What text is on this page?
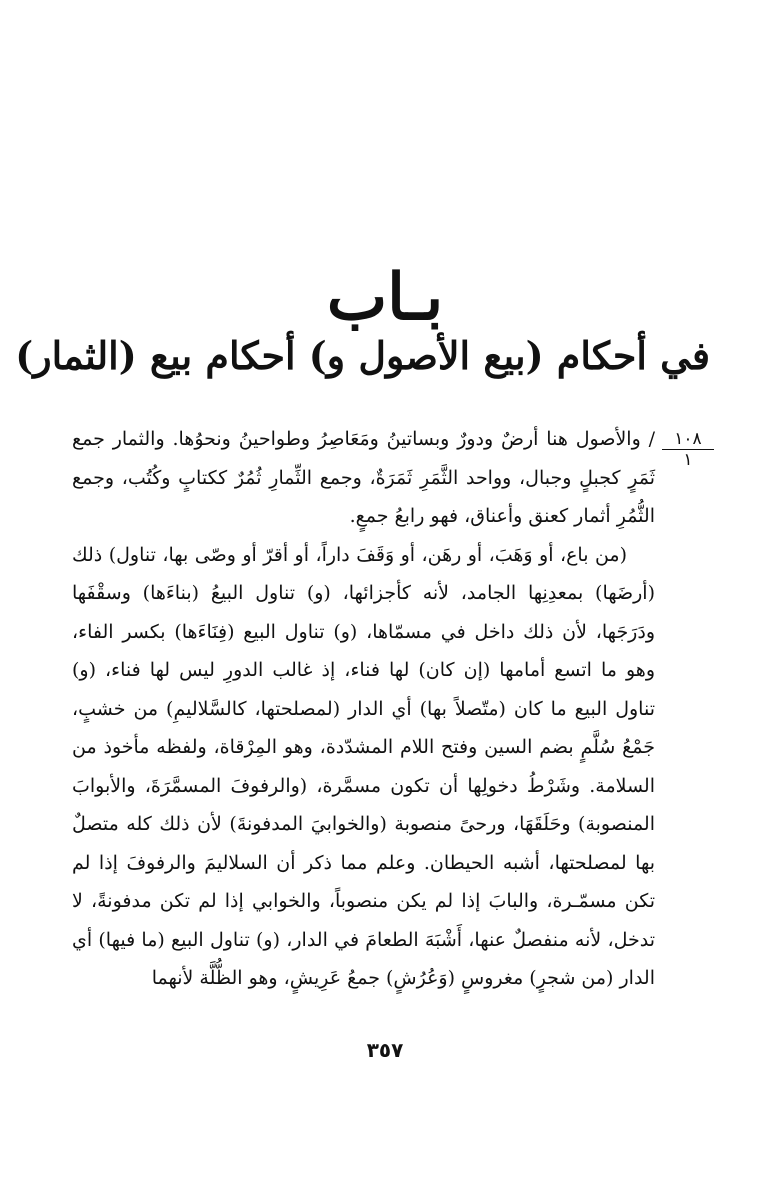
بـاب
في أحكام (بيع الأصول و) أحكام بيع (الثمار)
١٠٨
١

/ والأصول هنا أرضٌ ودورٌ وبساتينُ ومَعَاصِرُ وطواحينُ ونحوُها. والثمار جمع ثَمَرٍ كجبلٍ وجبال، وواحد الثَّمَرِ ثَمَرَةٌ، وجمع الثِّمارِ ثُمُرٌ ككتابٍ وكُتُب، وجمع الثُّمُرِ أثمار كعنق وأعناق، فهو رابعُ جمعٍ.

(من باع، أو وَهَبَ، أو رهَن، أو وَقَفَ داراً، أو أقرّ أو وصّى بها، تناول) ذلك (أرضَها) بمعدِنِها الجامد، لأنه كأجزائها، (و) تناول البيعُ (بناءَها) وسقْفَها ودَرَجَها، لأن ذلك داخل في مسمّاها، (و) تناول البيع (فِنَاءَها) بكسر الفاء، وهو ما اتسع أمامها (إن كان) لها فناء، إذ غالب الدورِ ليس لها فناء، (و) تناول البيع ما كان (متّصلاً بها) أي الدار (لمصلحتها، كالسَّلاليمِ) من خشبٍ، جَمْعُ سُلَّمٍ بضم السين وفتح اللام المشدّدة، وهو المِرْقاة، ولفظه مأخوذ من السلامة. وشَرْطُ دخولِها أن تكون مسمَّرة، (والرفوفَ المسمَّرَةَ، والأبوابَ المنصوبة) وحَلَقَهَا، ورحىً منصوبة (والخوابيَ المدفونةَ) لأن ذلك كله متصلٌ بها لمصلحتها، أشبه الحيطان. وعلم مما ذكر أن السلاليمَ والرفوفَ إذا لم تكن مسمّـرة، والبابَ إذا لم يكن منصوباً، والخوابي إذا لم تكن مدفونةً، لا تدخل، لأنه منفصلٌ عنها، أَشْبَهَ الطعامَ في الدار، (و) تناول البيع (ما فيها) أي الدار (من شجرٍ) مغروسٍ (وَعُرُشٍ) جمعُ عَرِيشٍ، وهو الظُّلَّة لأنهما

٣٥٧
